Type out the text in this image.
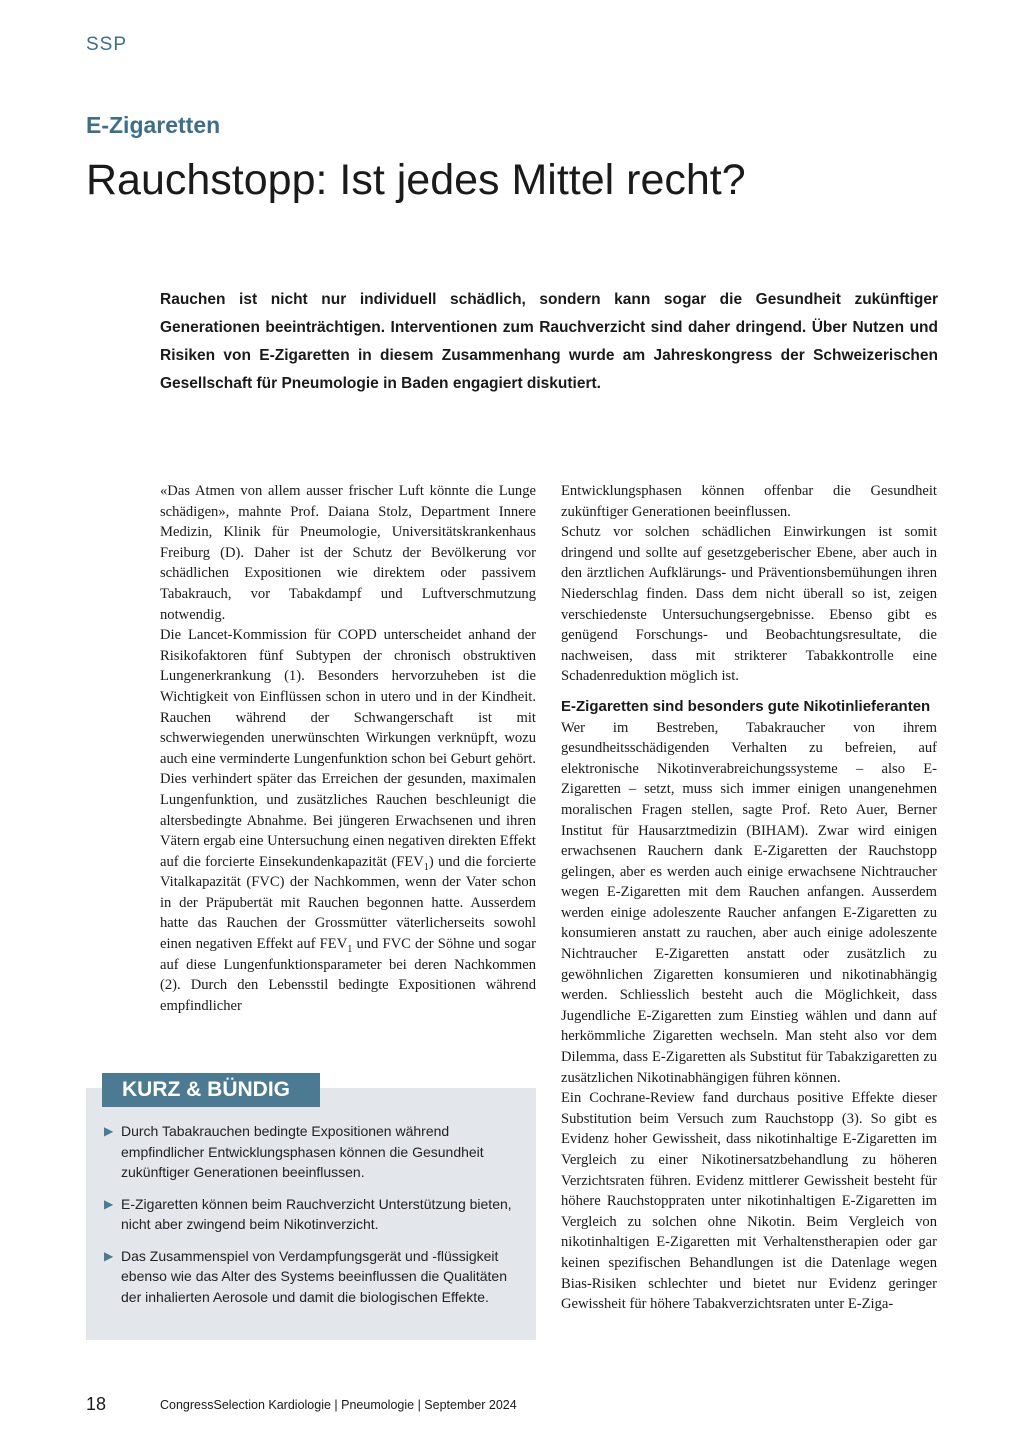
SSP
E-Zigaretten
Rauchstopp: Ist jedes Mittel recht?

Rauchen ist nicht nur individuell schädlich, sondern kann sogar die Gesundheit zukünftiger Generationen beeinträchtigen. Interventionen zum Rauchverzicht sind daher dringend. Über Nutzen und Risiken von E-Zigaretten in diesem Zusammenhang wurde am Jahreskongress der Schweizerischen Gesellschaft für Pneumologie in Baden engagiert diskutiert.

«Das Atmen von allem ausser frischer Luft könnte die Lunge schädigen», mahnte Prof. Daiana Stolz, Department Innere Medizin, Klinik für Pneumologie, Universitätskrankenhaus Freiburg (D). Daher ist der Schutz der Bevölkerung vor schädlichen Expositionen wie direktem oder passivem Tabakrauch, vor Tabakdampf und Luftverschmutzung notwendig.

Die Lancet-Kommission für COPD unterscheidet anhand der Risikofaktoren fünf Subtypen der chronisch obstruktiven Lungenerkrankung (1). Besonders hervorzuheben ist die Wichtigkeit von Einflüssen schon in utero und in der Kindheit. Rauchen während der Schwangerschaft ist mit schwerwiegenden unerwünschten Wirkungen verknüpft, wozu auch eine verminderte Lungenfunktion schon bei Geburt gehört. Dies verhindert später das Erreichen der gesunden, maximalen Lungenfunktion, und zusätzliches Rauchen beschleunigt die altersbedingte Abnahme. Bei jüngeren Erwachsenen und ihren Vätern ergab eine Untersuchung einen negativen direkten Effekt auf die forcierte Einsekundenkapazität $(FEV_1)$ und die forcierte Vitalkapazität (FVC) der Nachkommen, wenn der Vater schon in der Präpubertät mit Rauchen begonnen hatte. Ausserdem hatte das Rauchen der Grossmütter väterlicherseits sowohl einen negativen Effekt auf $FEV_1$ und FVC der Söhne und sogar auf diese Lungenfunktionsparameter bei deren Nachkommen (2). Durch den Lebensstil bedingte Expositionen während empfindlicher

Entwicklungsphasen können offenbar die Gesundheit zukünftiger Generationen beeinflussen.

Schutz vor solchen schädlichen Einwirkungen ist somit dringend und sollte auf gesetzgeberischer Ebene, aber auch in den ärztlichen Aufklärungs- und Präventionsbemühungen ihren Niederschlag finden. Dass dem nicht überall so ist, zeigen verschiedenste Untersuchungsergebnisse. Ebenso gibt es genügend Forschungs- und Beobachtungsresultate, die nachweisen, dass mit strikterer Tabakkontrolle eine Schadenreduktion möglich ist.

E-Zigaretten sind besonders gute Nikotinlieferanten

Wer im Bestreben, Tabakraucher von ihrem gesundheitsschädigenden Verhalten zu befreien, auf elektronische Nikotinverabreichungssysteme – also E-Zigaretten – setzt, muss sich immer einigen unangenehmen moralischen Fragen stellen, sagte Prof. Reto Auer, Berner Institut für Hausarztmedizin (BIHAM). Zwar wird einigen erwachsenen Rauchern dank E-Zigaretten der Rauchstopp gelingen, aber es werden auch einige erwachsene Nichtraucher wegen E-Zigaretten mit dem Rauchen anfangen. Ausserdem werden einige adoleszente Raucher anfangen E-Zigaretten zu konsumieren anstatt zu rauchen, aber auch einige adoleszente Nichtraucher E-Zigaretten anstatt oder zusätzlich zu gewöhnlichen Zigaretten konsumieren und nikotinabhängig werden. Schliesslich besteht auch die Möglichkeit, dass Jugendliche E-Zigaretten zum Einstieg wählen und dann auf herkömmliche Zigaretten wechseln. Man steht also vor dem Dilemma, dass E-Zigaretten als Substitut für Tabakzigaretten zu zusätzlichen Nikotinabhängigen führen können.

Ein Cochrane-Review fand durchaus positive Effekte dieser Substitution beim Versuch zum Rauchstopp (3). So gibt es Evidenz hoher Gewissheit, dass nikotinhaltige E-Zigaretten im Vergleich zu einer Nikotinersatzbehandlung zu höheren Verzichtsraten führen. Evidenz mittlerer Gewissheit besteht für höhere Rauchstoppraten unter nikotinhaltigen E-Zigaretten im Vergleich zu solchen ohne Nikotin. Beim Vergleich von nikotinhaltigen E-Zigaretten mit Verhaltenstherapien oder gar keinen spezifischen Behandlungen ist die Datenlage wegen Bias-Risiken schlechter und bietet nur Evidenz geringer Gewissheit für höhere Tabakverzichtsraten unter E-Ziga-

KURZ & BÜNDIG
▶ Durch Tabakrauchen bedingte Expositionen während empfindlicher Entwicklungsphasen können die Gesundheit zukünftiger Generationen beeinflussen.
▶ E-Zigaretten können beim Rauchverzicht Unterstützung bieten, nicht aber zwingend beim Nikotinverzicht.
▶ Das Zusammenspiel von Verdampfungsgerät und -flüssigkeit ebenso wie das Alter des Systems beeinflussen die Qualitäten der inhalierten Aerosole und damit die biologischen Effekte.
18	CongressSelection Kardiologie | Pneumologie | September 2024
